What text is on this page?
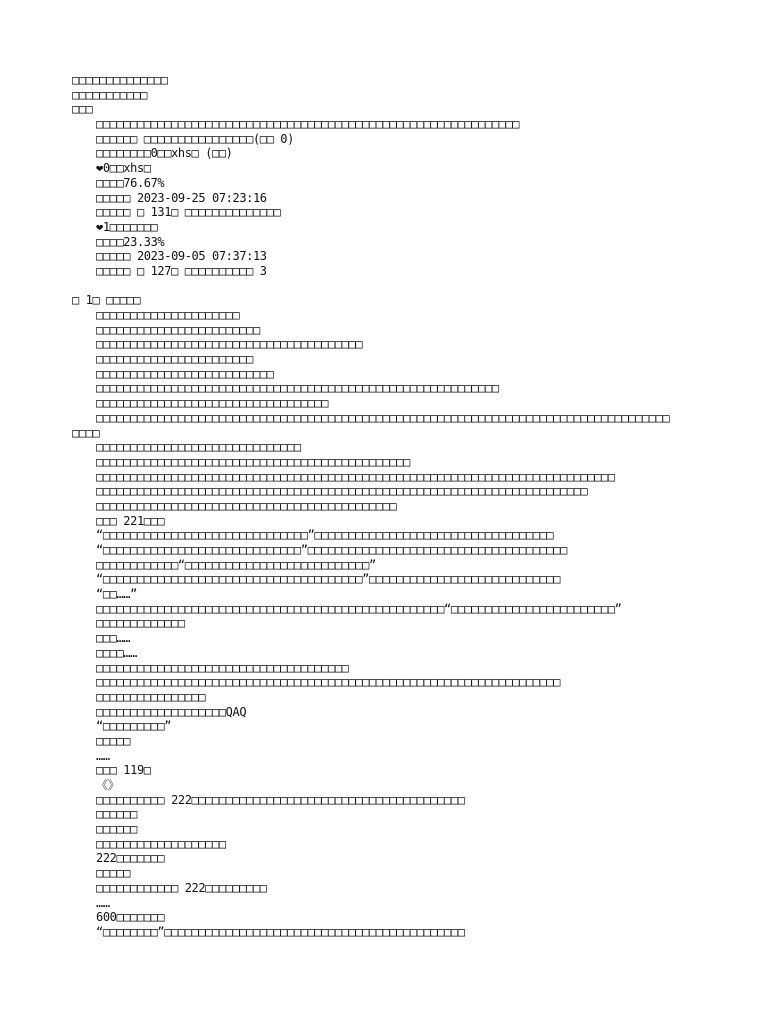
□□□□□□□□□□□□□□
□□□□□□□□□□□
□□□
□□□□□□□□□□□□□□□□□□□□□□□□□□□□□□□□□□□□□□□□□□□□□□□□□□□□□□□□□□□□□□
□□□□□□ □□□□□□□□□□□□□□□□(□□ 0)
□□□□□□□□0□□xhs□ (□□)
❤0□□xhs□
□□□□76.67%
□□□□□ 2023-09-25 07:23:16
□□□□□ □ 131□ □□□□□□□□□□□□□□
❤1□□□□□□□
□□□□23.33%
□□□□□ 2023-09-05 07:37:13
□□□□□ □ 127□ □□□□□□□□□□ 3
□ 1□ □□□□□
□□□□□□□□□□□□□□□□□□□□□
□□□□□□□□□□□□□□□□□□□□□□□□
□□□□□□□□□□□□□□□□□□□□□□□□□□□□□□□□□□□□□□□
□□□□□□□□□□□□□□□□□□□□□□□
□□□□□□□□□□□□□□□□□□□□□□□□□□
□□□□□□□□□□□□□□□□□□□□□□□□□□□□□□□□□□□□□□□□□□□□□□□□□□□□□□□□□□□
□□□□□□□□□□□□□□□□□□□□□□□□□□□□□□□□□□
□□□□□□□□□□□□□□□□□□□□□□□□□□□□□□□□□□□□□□□□□□□□□□□□□□□□□□□□□□□□□□□□□□□□□□□□□□□□□□□□□□□□
□□□□
□□□□□□□□□□□□□□□□□□□□□□□□□□□□□□
□□□□□□□□□□□□□□□□□□□□□□□□□□□□□□□□□□□□□□□□□□□□□□
□□□□□□□□□□□□□□□□□□□□□□□□□□□□□□□□□□□□□□□□□□□□□□□□□□□□□□□□□□□□□□□□□□□□□□□□□□□□
□□□□□□□□□□□□□□□□□□□□□□□□□□□□□□□□□□□□□□□□□□□□□□□□□□□□□□□□□□□□□□□□□□□□□□□□
□□□□□□□□□□□□□□□□□□□□□□□□□□□□□□□□□□□□□□□□□□□□
□□□ 221□□□
“□□□□□□□□□□□□□□□□□□□□□□□□□□□□□□”□□□□□□□□□□□□□□□□□□□□□□□□□□□□□□□□□□□
“□□□□□□□□□□□□□□□□□□□□□□□□□□□□□”□□□□□□□□□□□□□□□□□□□□□□□□□□□□□□□□□□□□□□
□□□□□□□□□□□□“□□□□□□□□□□□□□□□□□□□□□□□□□□□”
“□□□□□□□□□□□□□□□□□□□□□□□□□□□□□□□□□□□□□□”□□□□□□□□□□□□□□□□□□□□□□□□□□□□
“□□……”
□□□□□□□□□□□□□□□□□□□□□□□□□□□□□□□□□□□□□□□□□□□□□□□□□□□“□□□□□□□□□□□□□□□□□□□□□□□□”
□□□□□□□□□□□□□
□□□……
□□□□……
□□□□□□□□□□□□□□□□□□□□□□□□□□□□□□□□□□□□□
□□□□□□□□□□□□□□□□□□□□□□□□□□□□□□□□□□□□□□□□□□□□□□□□□□□□□□□□□□□□□□□□□□□□
□□□□□□□□□□□□□□□□
□□□□□□□□□□□□□□□□□□□QAQ
“□□□□□□□□□”
□□□□□
……
□□□ 119□
《》
□□□□□□□□□□ 222□□□□□□□□□□□□□□□□□□□□□□□□□□□□□□□□□□□□□□□□
□□□□□□
□□□□□□
□□□□□□□□□□□□□□□□□□□
222□□□□□□□
□□□□□
□□□□□□□□□□□□ 222□□□□□□□□□
……
600□□□□□□□
“□□□□□□□□”□□□□□□□□□□□□□□□□□□□□□□□□□□□□□□□□□□□□□□□□□□□□
